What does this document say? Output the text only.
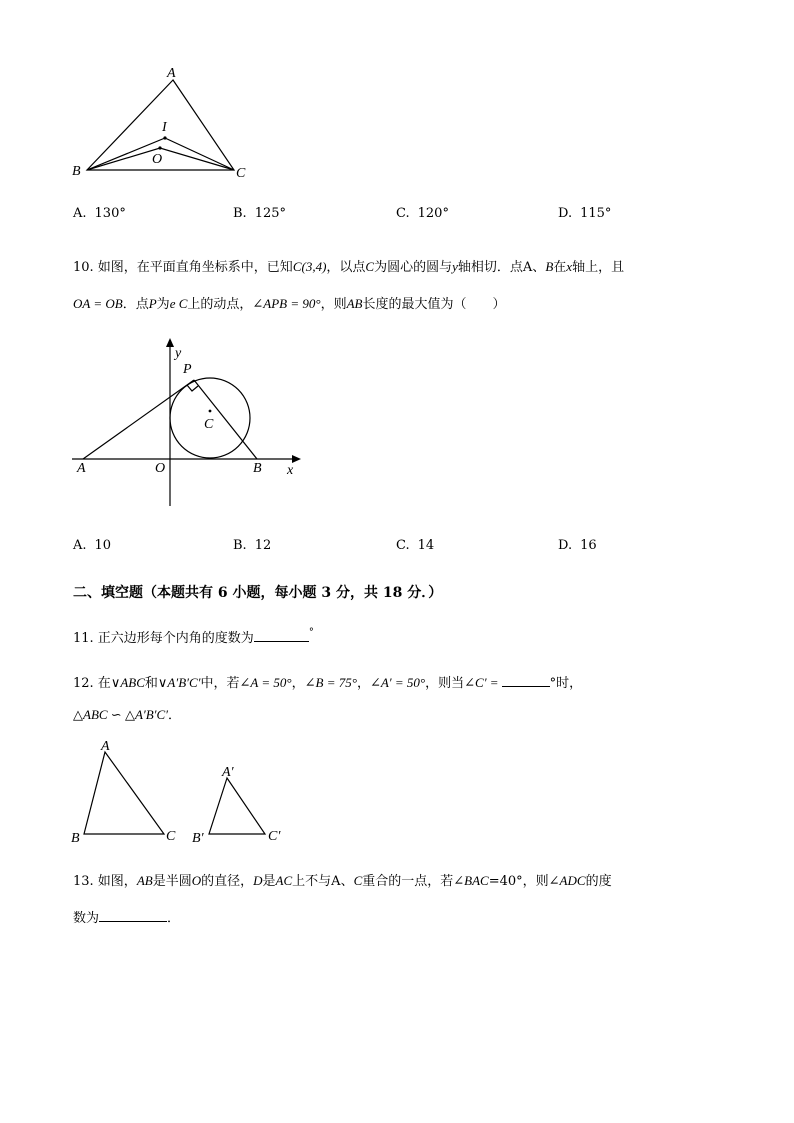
A
I
O
B	C
A. 130°	B. 125°	C. 120°	D. 115°
10. 如图，在平面直角坐标系中，已知C(3,4)，以点C为圆心的圆与y轴相切．点A、B在x轴上，且
OA = OB．点P为e C上的动点，∠APB = 90°，则AB长度的最大值为（　　）
y
x
P
C
A	O	B
A. 10	B. 12	C. 14	D. 16
二、填空题（本题共有 6 小题，每小题 3 分，共 18 分．）
11. 正六边形每个内角的度数为	°
12. 在∨ABC和∨A′B′C′中，若∠A = 50°，∠B = 75°，∠A′ = 50°，则当∠C′ =	°时，
△ABC ∽ △A′B′C′．
A
B	C
A′
B′	C′
13. 如图，AB是半圆O的直径，D是AC上不与A、C重合的一点，若∠BAC=40°，则∠ADC的度
数为	．
